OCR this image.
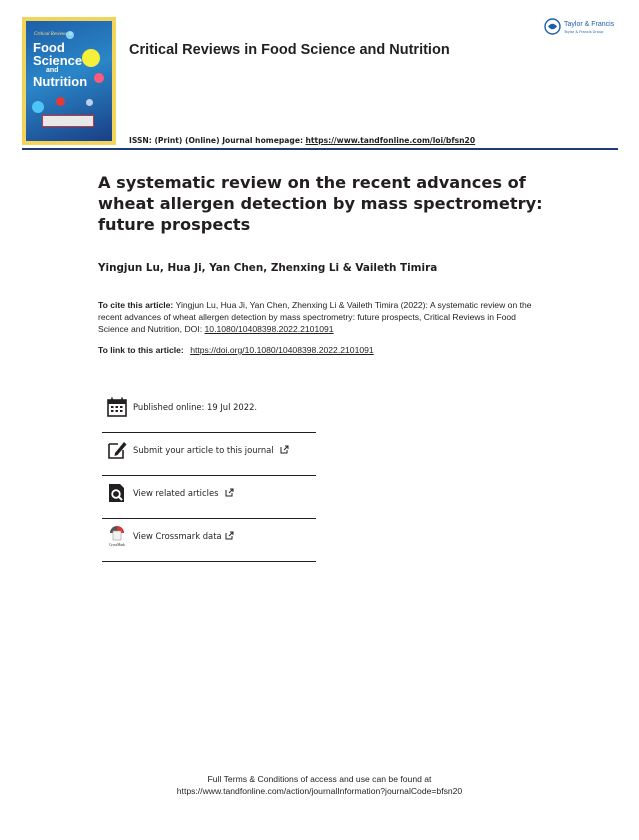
Critical Reviews in
Food
Science
and
Nutrition
Critical Reviews in Food Science and Nutrition
ISSN: (Print) (Online) Journal homepage: https://www.tandfonline.com/loi/bfsn20
Taylor & Francis
Taylor & Francis Group
A systematic review on the recent advances of wheat allergen detection by mass spectrometry: future prospects
Yingjun Lu, Hua Ji, Yan Chen, Zhenxing Li & Vaileth Timira
To cite this article: Yingjun Lu, Hua Ji, Yan Chen, Zhenxing Li & Vaileth Timira (2022): A systematic review on the recent advances of wheat allergen detection by mass spectrometry: future prospects, Critical Reviews in Food Science and Nutrition, DOI: 10.1080/10408398.2022.2101091
To link to this article: https://doi.org/10.1080/10408398.2022.2101091
Published online: 19 Jul 2022.
Submit your article to this journal
View related articles
CrossMark
View Crossmark data
Full Terms & Conditions of access and use can be found at
https://www.tandfonline.com/action/journalInformation?journalCode=bfsn20
